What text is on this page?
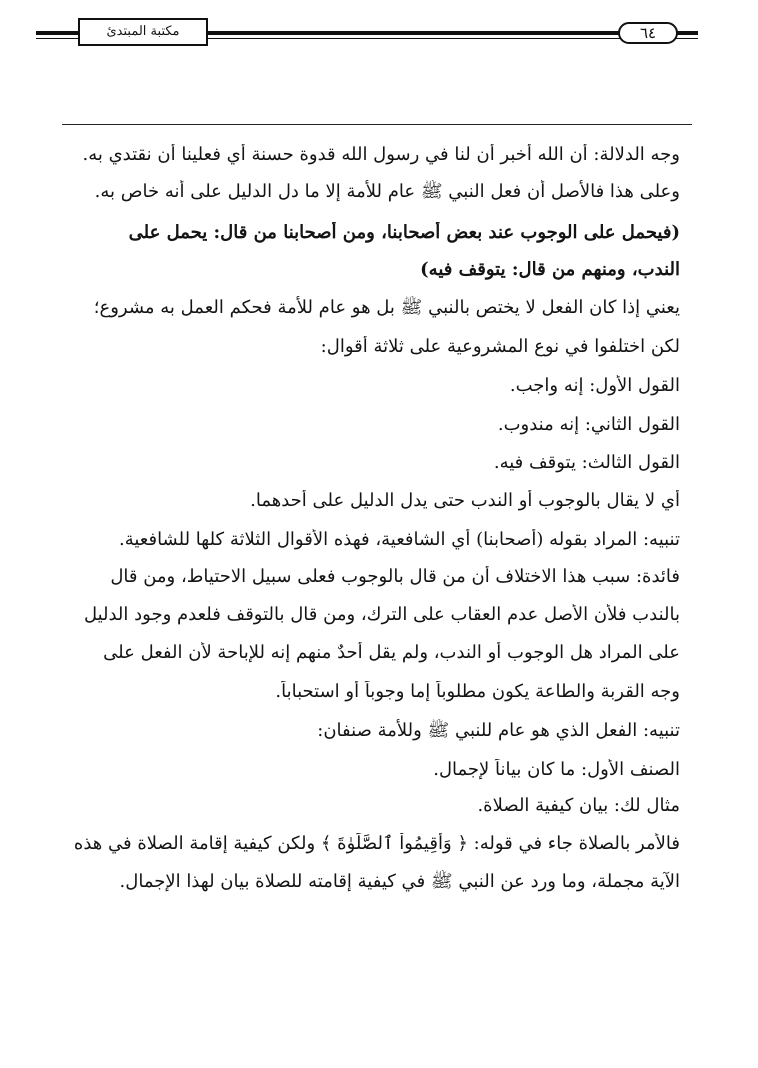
مكتبة المبتدئ	٦٤

وجه الدلالة: أن الله أخبر أن لنا في رسول الله قدوة حسنة أي فعلينا أن نقتدي به.

وعلى هذا فالأصل أن فعل النبي ﷺ عام للأمة إلا ما دل الدليل على أنه خاص به.

(فيحمل على الوجوب عند بعض أصحابنا، ومن أصحابنا من قال: يحمل على

الندب، ومنهم من قال: يتوقف فيه)

يعني إذا كان الفعل لا يختص بالنبي ﷺ بل هو عام للأمة فحكم العمل به مشروع؛

لكن اختلفوا في نوع المشروعية على ثلاثة أقوال:

القول الأول: إنه واجب.

القول الثاني: إنه مندوب.

القول الثالث: يتوقف فيه.

أي لا يقال بالوجوب أو الندب حتى يدل الدليل على أحدهما.

تنبيه: المراد بقوله (أصحابنا) أي الشافعية، فهذه الأقوال الثلاثة كلها للشافعية.

فائدة: سبب هذا الاختلاف أن من قال بالوجوب فعلى سبيل الاحتياط، ومن قال

بالندب فلأن الأصل عدم العقاب على الترك، ومن قال بالتوقف فلعدم وجود الدليل

على المراد هل الوجوب أو الندب، ولم يقل أحدٌ منهم إنه للإباحة لأن الفعل على

وجه القربة والطاعة يكون مطلوباً إما وجوباً أو استحباباً.

تنبيه: الفعل الذي هو عام للنبي ﷺ وللأمة صنفان:

الصنف الأول: ما كان بياناً لإجمال.

مثال لك: بيان كيفية الصلاة.

فالأمر بالصلاة جاء في قوله: ﴿ وَأَقِيمُواْ ٱلصَّلَوٰةَ ﴾ ولكن كيفية إقامة الصلاة في هذه

الآية مجملة، وما ورد عن النبي ﷺ في كيفية إقامته للصلاة بيان لهذا الإجمال.
